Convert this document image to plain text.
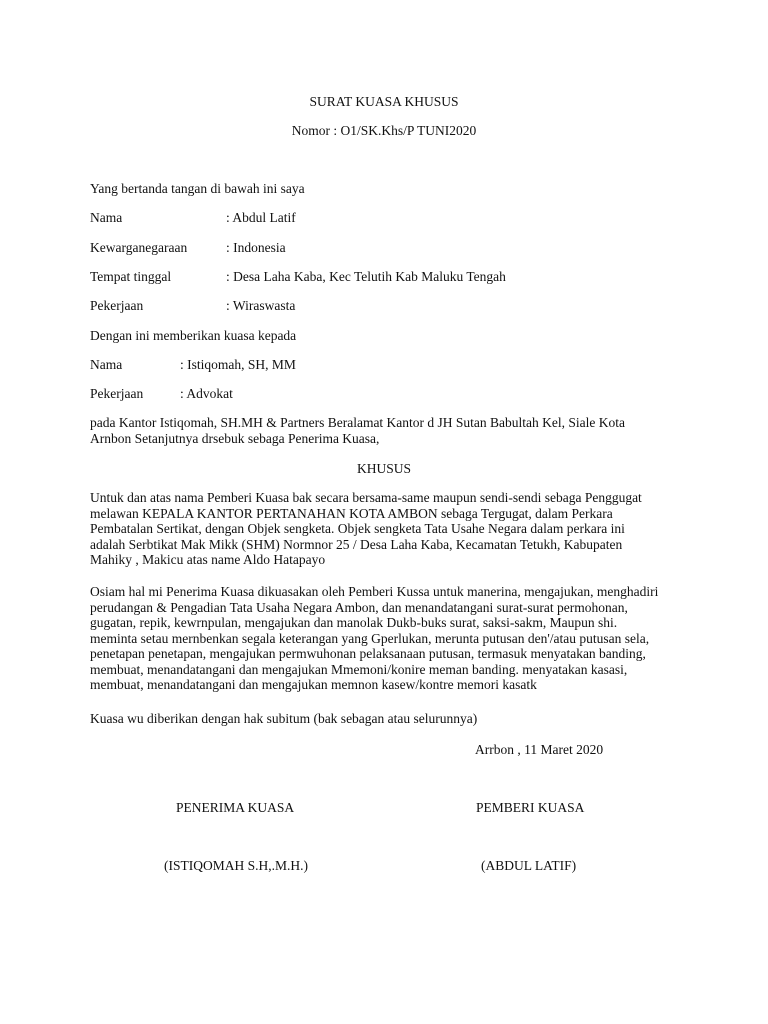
SURAT KUASA KHUSUS
Nomor : O1/SK.Khs/P TUNI2020
Yang bertanda tangan di bawah ini saya
Nama	: Abdul Latif
Kewarganegaraan	: Indonesia
Tempat tinggal	: Desa Laha Kaba, Kec Telutih Kab Maluku Tengah
Pekerjaan	: Wiraswasta
Dengan ini memberikan kuasa kepada
Nama	: Istiqomah, SH, MM
Pekerjaan	: Advokat
pada Kantor Istiqomah, SH.MH & Partners Beralamat Kantor d JH Sutan Babultah Kel, Siale Kota
Arnbon Setanjutnya drsebuk sebaga Penerima Kuasa,
KHUSUS
Untuk dan atas nama Pemberi Kuasa bak secara bersama-same maupun sendi-sendi sebaga Penggugat
melawan KEPALA KANTOR PERTANAHAN KOTA AMBON sebaga Tergugat, dalam Perkara
Pembatalan Sertikat, dengan Objek sengketa. Objek sengketa Tata Usahe Negara dalam perkara ini
adalah Serbtikat Mak Mikk (SHM) Normnor 25 / Desa Laha Kaba, Kecamatan Tetukh, Kabupaten
Mahiky , Makicu atas name Aldo Hatapayo
Osiam hal mi Penerima Kuasa dikuasakan oleh Pemberi Kussa untuk manerina, mengajukan, menghadiri
perudangan & Pengadian Tata Usaha Negara Ambon, dan menandatangani surat-surat permohonan,
gugatan, repik, kewrnpulan, mengajukan dan manolak Dukb-buks surat, saksi-sakm, Maupun shi.
meminta setau mernbenkan segala keterangan yang Gperlukan, merunta putusan den'/atau putusan sela,
penetapan penetapan, mengajukan permwuhonan pelaksanaan putusan, termasuk menyatakan banding,
membuat, menandatangani dan mengajukan Mmemoni/konire meman banding. menyatakan kasasi,
membuat, menandatangani dan mengajukan memnon kasew/kontre memori kasatk
Kuasa wu diberikan dengan hak subitum (bak sebagan atau selurunnya)
Arrbon , 11 Maret 2020
PENERIMA KUASA	PEMBERI KUASA
(ISTIQOMAH S.H,.M.H.)	(ABDUL LATIF)
